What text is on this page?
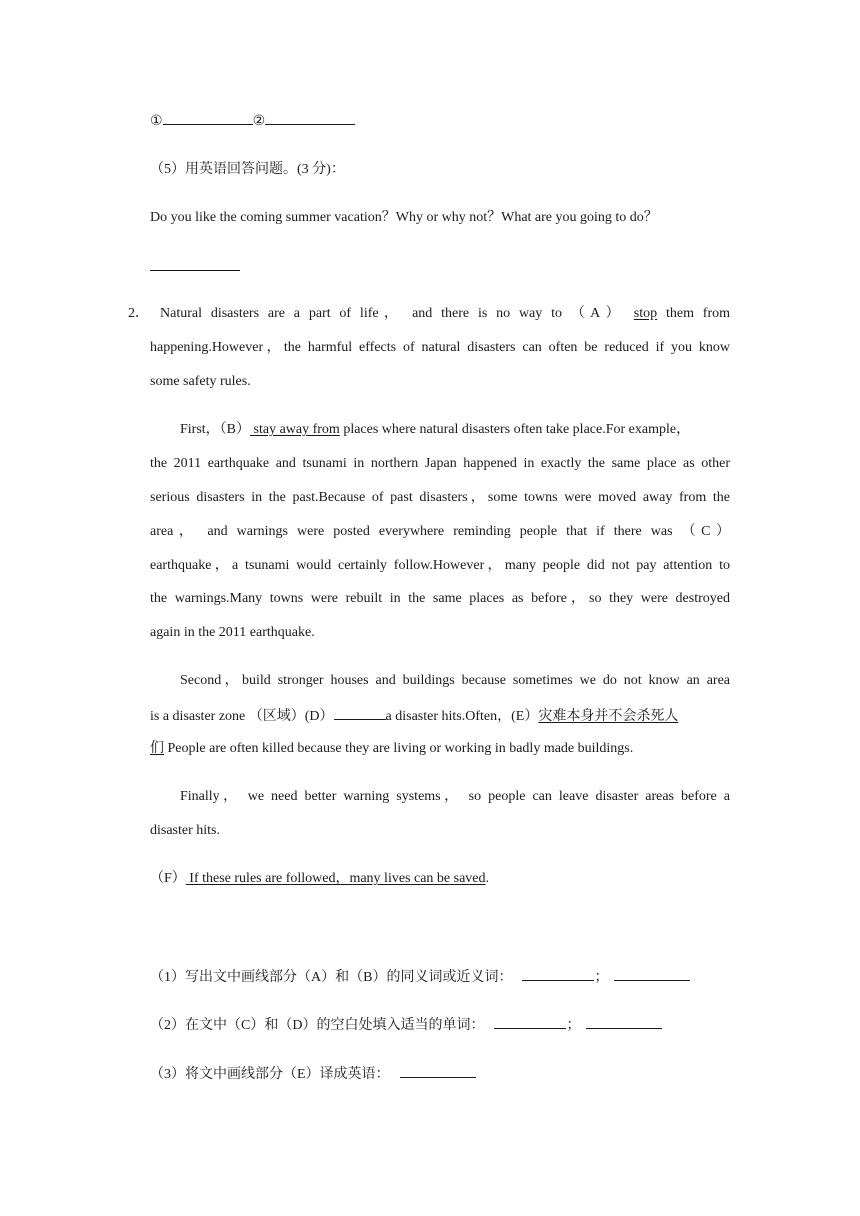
①	②
（5）用英语回答问题。(3 分)：
Do you like the coming summer vacation？Why or why not？What are you going to do？
2． Natural disasters are a part of life， and there is no way to （A） stop them from
happening.However，the harmful effects of natural disasters can often be reduced if you know
some safety rules.
First，（B） stay away from places where natural disasters often take place.For example，
the 2011 earthquake and tsunami in northern Japan happened in exactly the same place as other
serious disasters in the past.Because of past disasters，some towns were moved away from the
area， and warnings were posted everywhere reminding people that if there was （C）
earthquake，a tsunami would certainly follow.However，many people did not pay attention to
the warnings.Many towns were rebuilt in the same places as before，so they were destroyed
again in the 2011 earthquake.
Second，build stronger houses and buildings because sometimes we do not know an area
is a disaster zone （区域）(D）	a disaster hits.Often，(E）灾难本身并不会杀死人
们 People are often killed because they are living or working in badly made buildings.
Finally， we need better warning systems， so people can leave disaster areas before a
disaster hits.
（F） If these rules are followed，many lives can be saved.
（1）写出文中画线部分（A）和（B）的同义词或近义词：	；
（2）在文中（C）和（D）的空白处填入适当的单词：	；
（3）将文中画线部分（E）译成英语：
